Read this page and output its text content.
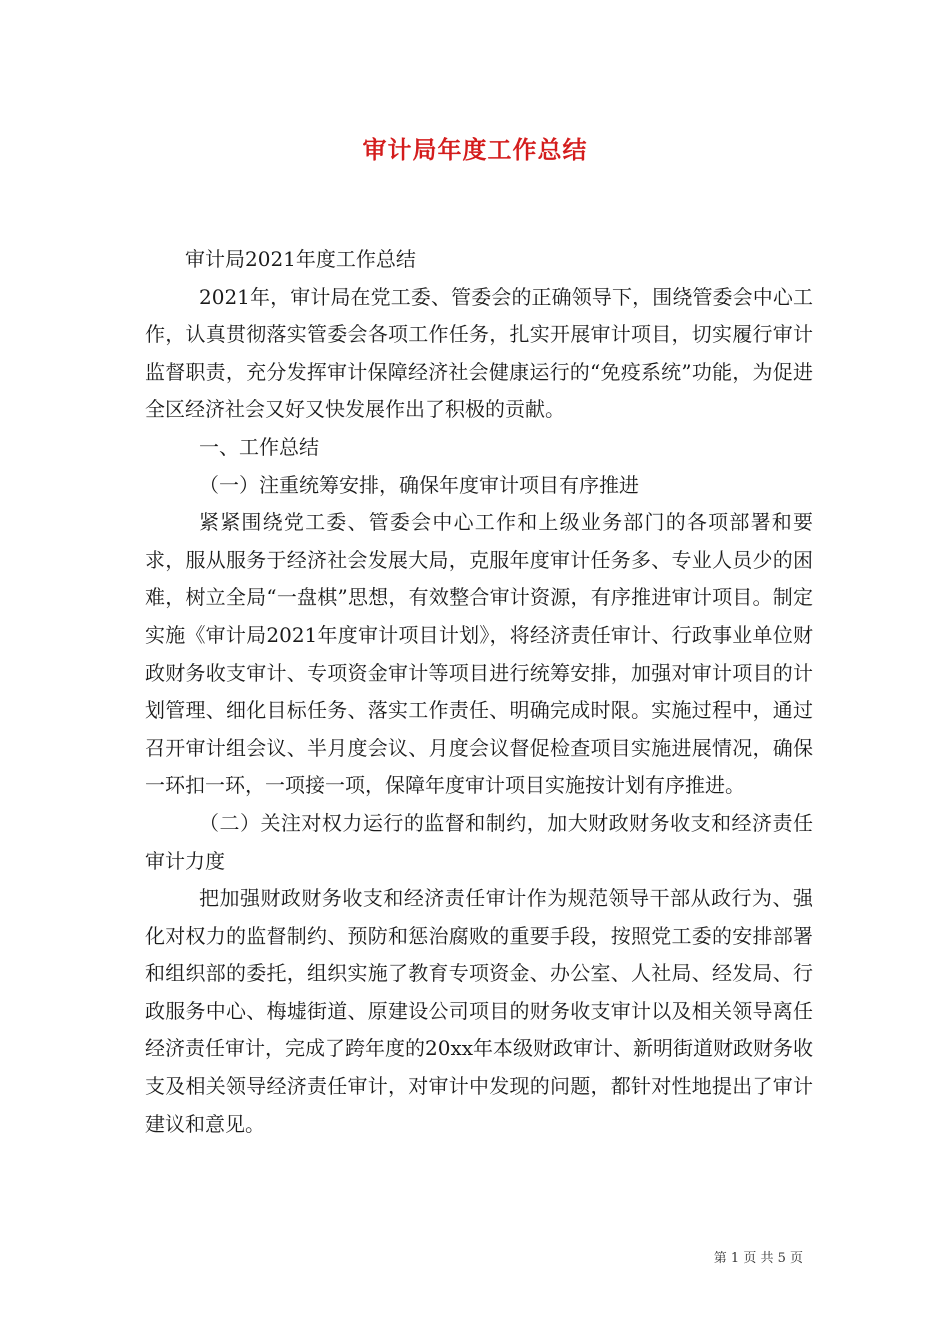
审计局年度工作总结

审计局2021年度工作总结

2021年，审计局在党工委、管委会的正确领导下，围绕管委会中心工作，认真贯彻落实管委会各项工作任务，扎实开展审计项目，切实履行审计监督职责，充分发挥审计保障经济社会健康运行的“免疫系统”功能，为促进全区经济社会又好又快发展作出了积极的贡献。

一、工作总结

（一）注重统筹安排，确保年度审计项目有序推进

紧紧围绕党工委、管委会中心工作和上级业务部门的各项部署和要求，服从服务于经济社会发展大局，克服年度审计任务多、专业人员少的困难，树立全局“一盘棋”思想，有效整合审计资源，有序推进审计项目。制定实施《审计局2021年度审计项目计划》，将经济责任审计、行政事业单位财政财务收支审计、专项资金审计等项目进行统筹安排，加强对审计项目的计划管理、细化目标任务、落实工作责任、明确完成时限。实施过程中，通过召开审计组会议、半月度会议、月度会议督促检查项目实施进展情况，确保一环扣一环，一项接一项，保障年度审计项目实施按计划有序推进。

（二）关注对权力运行的监督和制约，加大财政财务收支和经济责任审计力度

把加强财政财务收支和经济责任审计作为规范领导干部从政行为、强化对权力的监督制约、预防和惩治腐败的重要手段，按照党工委的安排部署和组织部的委托，组织实施了教育专项资金、办公室、人社局、经发局、行政服务中心、梅墟街道、原建设公司项目的财务收支审计以及相关领导离任经济责任审计，完成了跨年度的20xx年本级财政审计、新明街道财政财务收支及相关领导经济责任审计，对审计中发现的问题，都针对性地提出了审计建议和意见。

第 1 页 共 5 页
